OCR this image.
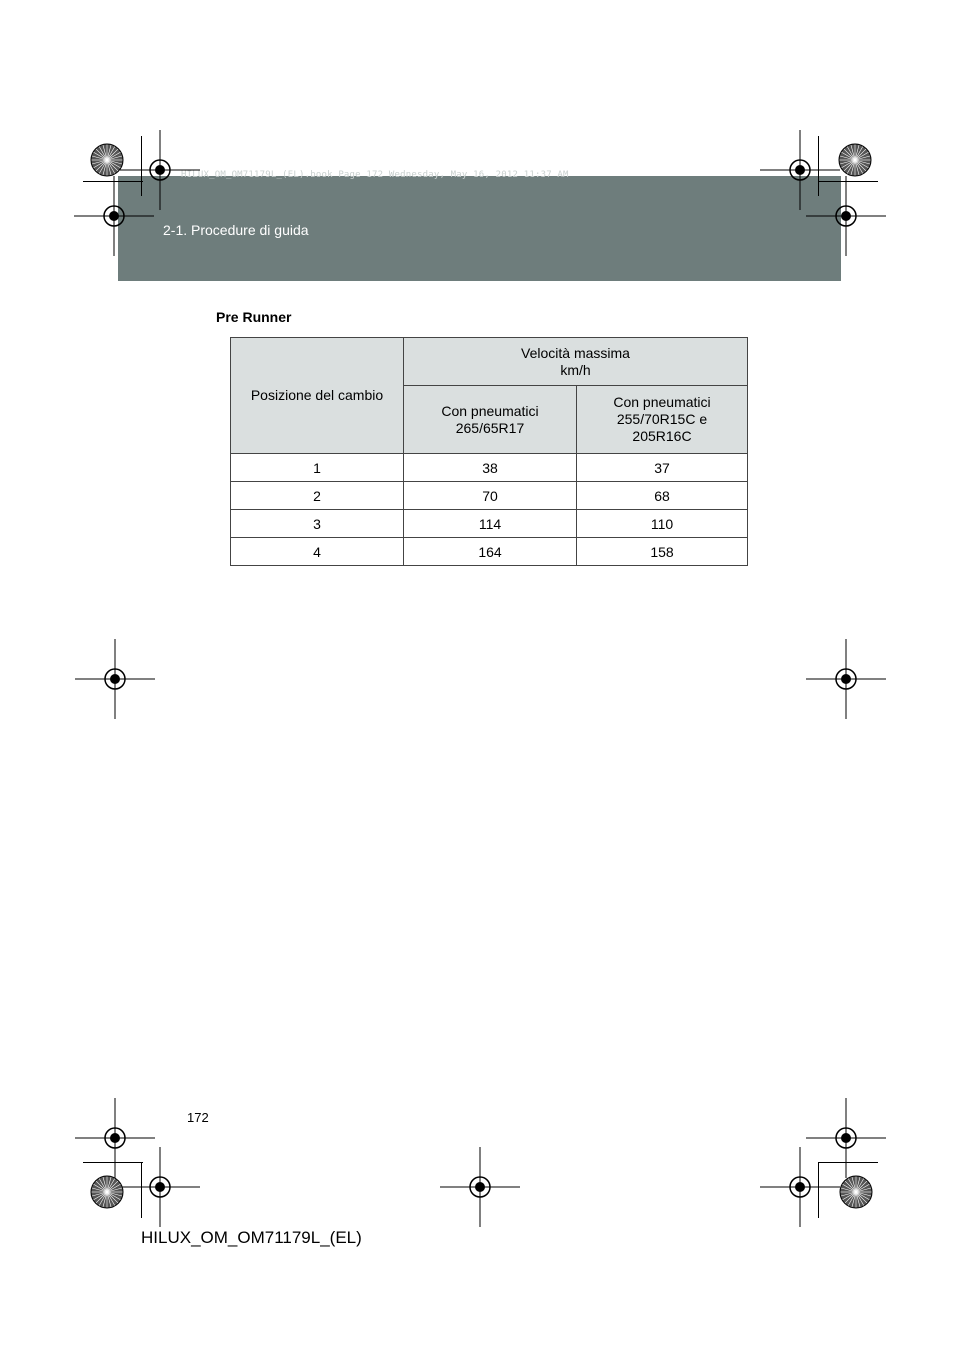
HILUX_OM_OM71179L_(EL).book Page 172 Wednesday, May 16, 2012 11:37 AM
2-1. Procedure di guida
Pre Runner
Posizione del cambio	Velocità massima
km/h	

	Con pneumatici 265/65R17	Con pneumatici 255/70R15C e 205R16C

1	38	37
2	70	68
3	114	110
4	164	158
172
HILUX_OM_OM71179L_(EL)
